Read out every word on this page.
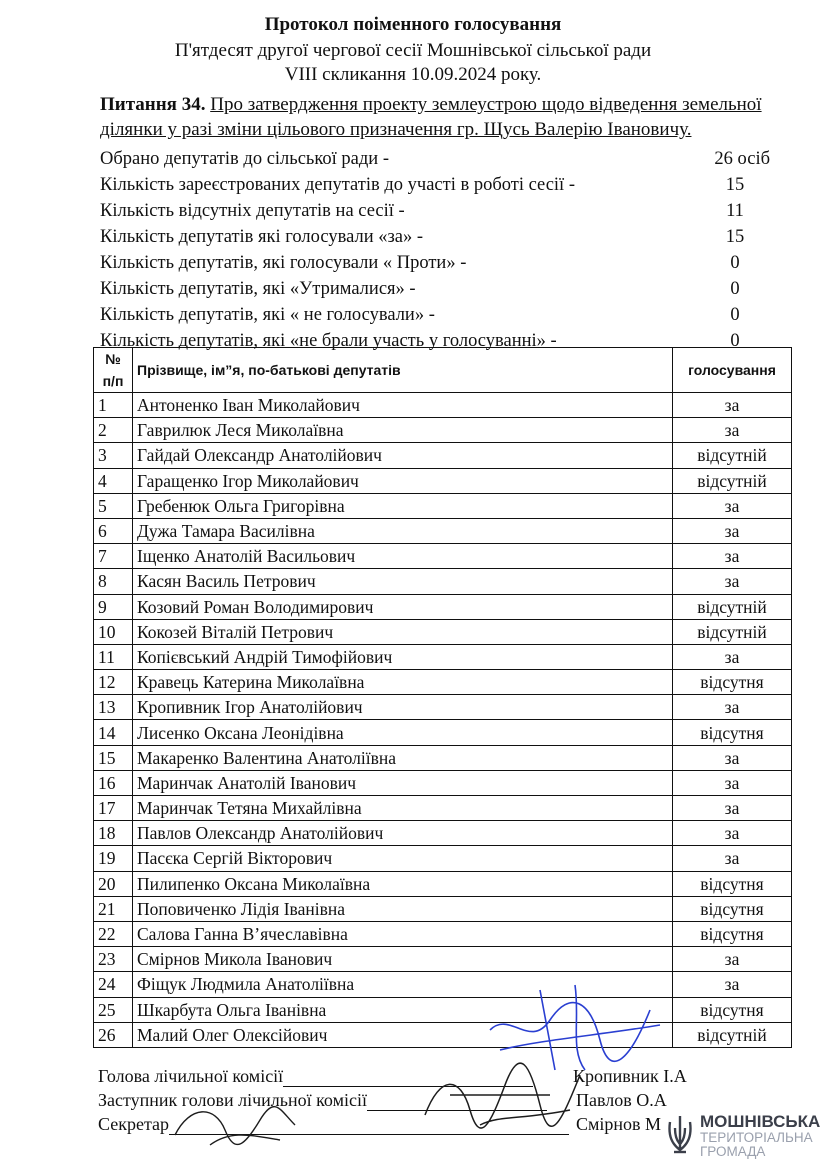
Протокол поіменного голосування
П'ятдесят другої чергової сесії Мошнівської сільської ради
VIII скликання 10.09.2024 року.
Питання 34. Про затвердження проекту землеустрою щодо відведення земельної ділянки у разі зміни цільового призначення гр. Щусь Валерію Івановичу.
Обрано депутатів до сільської ради -	26 осіб
Кількість зареєстрованих депутатів до участі в роботі сесії -	15
Кількість відсутніх депутатів на сесії -	11
Кількість депутатів які голосували «за» -	15
Кількість депутатів, які голосували « Проти» -	0
Кількість депутатів, які «Утрималися» -	0
Кількість депутатів, які « не голосували» -	0
Кількість депутатів, які «не брали участь у голосуванні» -	0
№ п/п	Прізвище, ім”я, по-батькові депутатів	голосування
1	Антоненко Іван Миколайович	за
2	Гаврилюк Леся Миколаївна	за
3	Гайдай Олександр Анатолійович	відсутній
4	Гаращенко Ігор Миколайович	відсутній
5	Гребенюк Ольга Григорівна	за
6	Дужа Тамара Василівна	за
7	Іщенко Анатолій Васильович	за
8	Касян Василь Петрович	за
9	Козовий Роман Володимирович	відсутній
10	Кокозей Віталій Петрович	відсутній
11	Копієвський Андрій Тимофійович	за
12	Кравець Катерина Миколаївна	відсутня
13	Кропивник Ігор Анатолійович	за
14	Лисенко Оксана Леонідівна	відсутня
15	Макаренко Валентина Анатоліївна	за
16	Маринчак Анатолій Іванович	за
17	Маринчак Тетяна Михайлівна	за
18	Павлов Олександр Анатолійович	за
19	Пасєка Сергій Вікторович	за
20	Пилипенко Оксана Миколаївна	відсутня
21	Поповиченко Лідія Іванівна	відсутня
22	Салова Ганна В’ячеславівна	відсутня
23	Смірнов Микола Іванович	за
24	Фіщук Людмила Анатоліївна	за
25	Шкарбута Ольга Іванівна	відсутня
26	Малий Олег Олексійович	відсутній
Голова лічильної комісії	Кропивник І.А
Заступник голови лічильної комісії	Павлов О.А
Секретар	Смірнов М МОШНІВСЬКА
ТЕРИТОРІАЛЬНА
ГРОМАДА
